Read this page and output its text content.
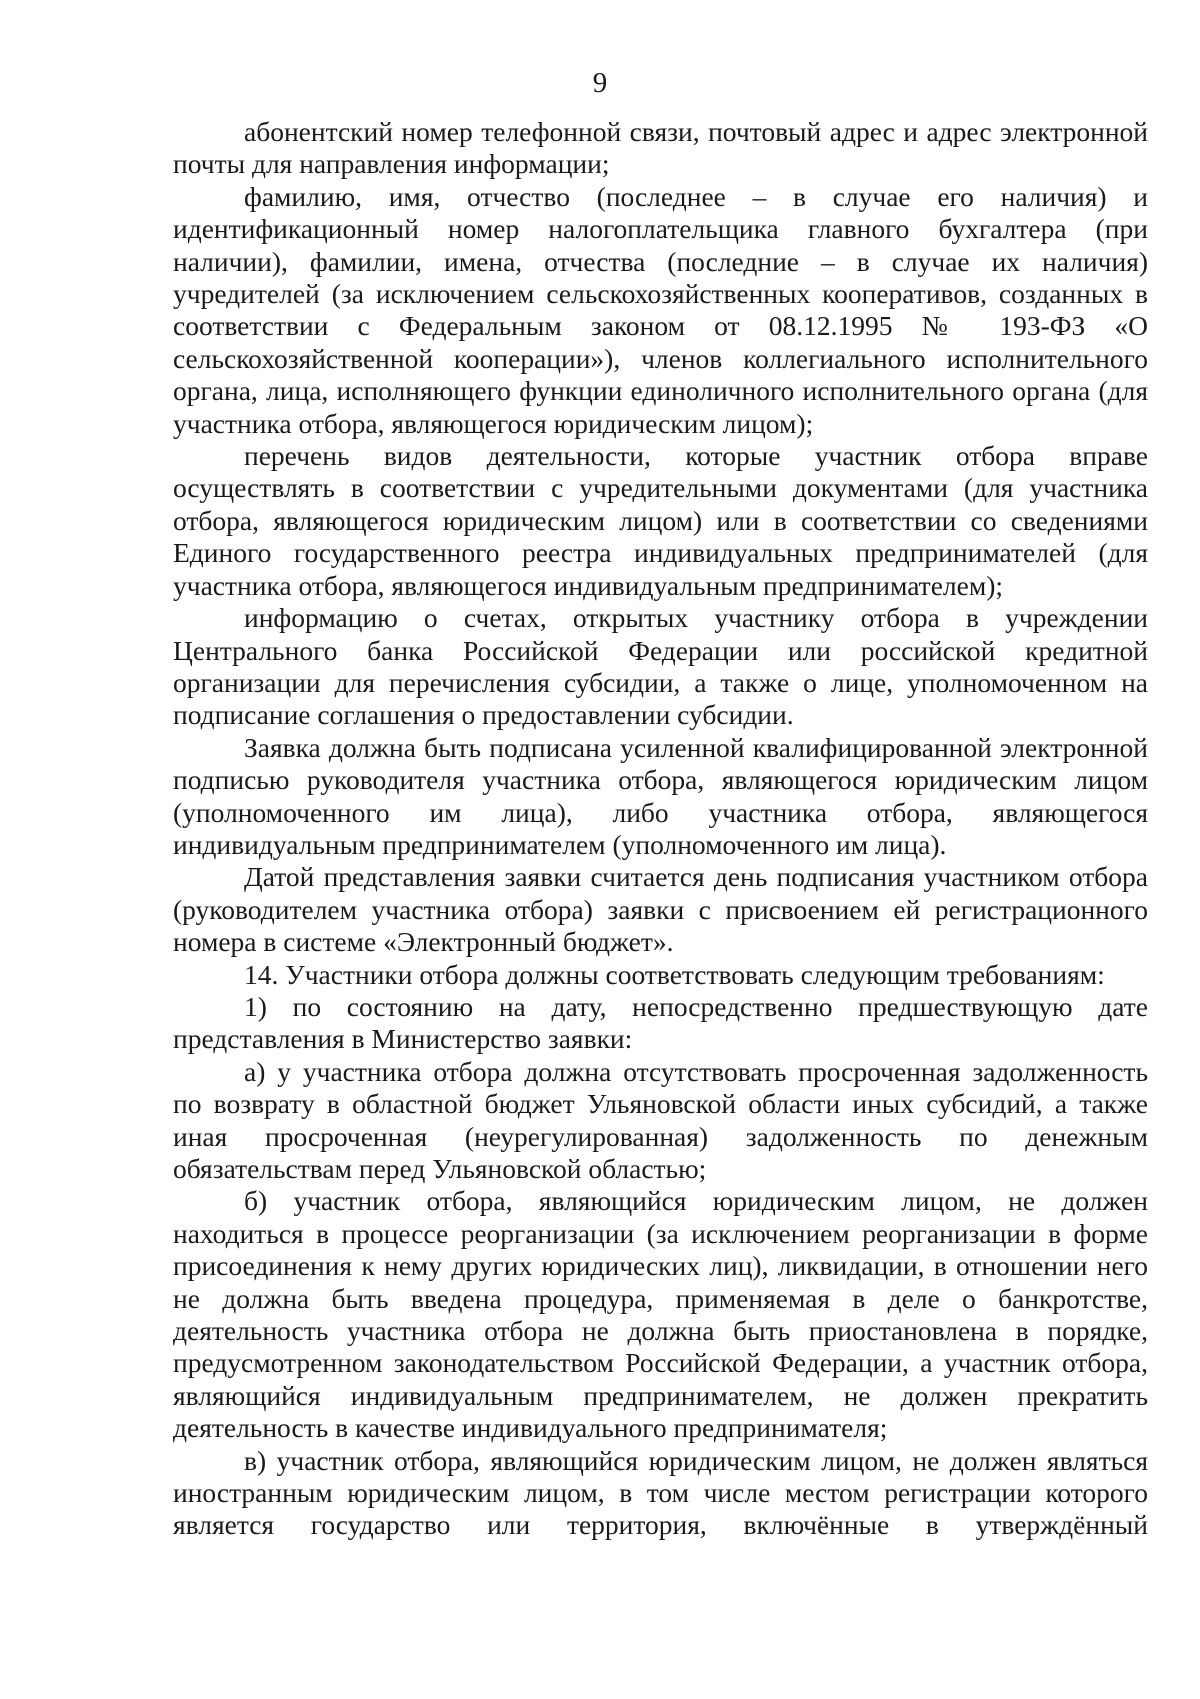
9

абонентский номер телефонной связи, почтовый адрес и адрес электронной почты для направления информации;

фамилию, имя, отчество (последнее – в случае его наличия) и идентификационный номер налогоплательщика главного бухгалтера (при наличии), фамилии, имена, отчества (последние – в случае их наличия) учредителей (за исключением сельскохозяйственных кооперативов, созданных в соответствии с Федеральным законом от 08.12.1995 № 193-ФЗ «О сельскохозяйственной кооперации»), членов коллегиального исполнительного органа, лица, исполняющего функции единоличного исполнительного органа (для участника отбора, являющегося юридическим лицом);

перечень видов деятельности, которые участник отбора вправе осуществлять в соответствии с учредительными документами (для участника отбора, являющегося юридическим лицом) или в соответствии со сведениями Единого государственного реестра индивидуальных предпринимателей (для участника отбора, являющегося индивидуальным предпринимателем);

информацию о счетах, открытых участнику отбора в учреждении Центрального банка Российской Федерации или российской кредитной организации для перечисления субсидии, а также о лице, уполномоченном на подписание соглашения о предоставлении субсидии.

Заявка должна быть подписана усиленной квалифицированной электронной подписью руководителя участника отбора, являющегося юридическим лицом (уполномоченного им лица), либо участника отбора, являющегося индивидуальным предпринимателем (уполномоченного им лица).

Датой представления заявки считается день подписания участником отбора (руководителем участника отбора) заявки с присвоением ей регистрационного номера в системе «Электронный бюджет».

14. Участники отбора должны соответствовать следующим требованиям:

1) по состоянию на дату, непосредственно предшествующую дате представления в Министерство заявки:

а) у участника отбора должна отсутствовать просроченная задолженность по возврату в областной бюджет Ульяновской области иных субсидий, а также иная просроченная (неурегулированная) задолженность по денежным обязательствам перед Ульяновской областью;

б) участник отбора, являющийся юридическим лицом, не должен находиться в процессе реорганизации (за исключением реорганизации в форме присоединения к нему других юридических лиц), ликвидации, в отношении него не должна быть введена процедура, применяемая в деле о банкротстве, деятельность участника отбора не должна быть приостановлена в порядке, предусмотренном законодательством Российской Федерации, а участник отбора, являющийся индивидуальным предпринимателем, не должен прекратить деятельность в качестве индивидуального предпринимателя;

в) участник отбора, являющийся юридическим лицом, не должен являться иностранным юридическим лицом, в том числе местом регистрации которого является государство или территория, включённые в утверждённый
